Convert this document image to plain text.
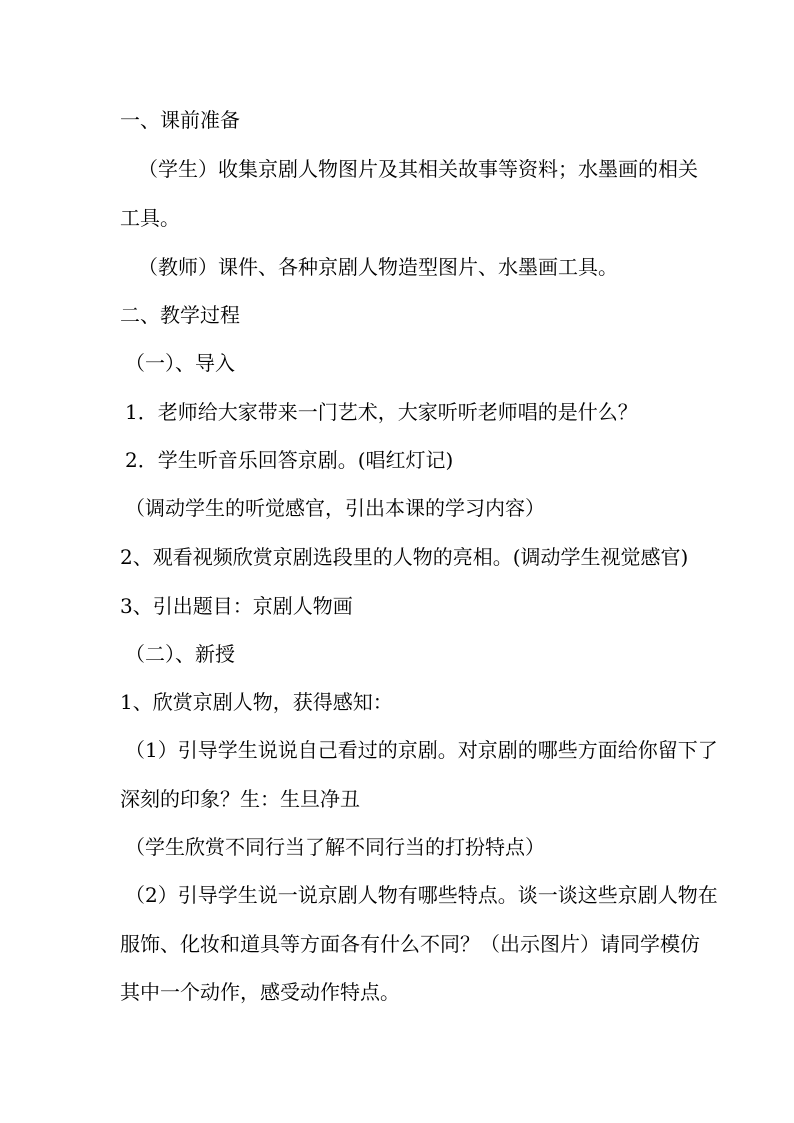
一、课前准备

（学生）收集京剧人物图片及其相关故事等资料；水墨画的相关

工具。

（教师）课件、各种京剧人物造型图片、水墨画工具。

二、教学过程

（一）、导入

1．老师给大家带来一门艺术，大家听听老师唱的是什么？

2．学生听音乐回答京剧。(唱红灯记)

（调动学生的听觉感官，引出本课的学习内容）

2、观看视频欣赏京剧选段里的人物的亮相。(调动学生视觉感官)

3、引出题目：京剧人物画

（二）、新授

1、欣赏京剧人物，获得感知：

（1）引导学生说说自己看过的京剧。对京剧的哪些方面给你留下了

深刻的印象？生：生旦净丑

（学生欣赏不同行当了解不同行当的打扮特点）

（2）引导学生说一说京剧人物有哪些特点。谈一谈这些京剧人物在

服饰、化妆和道具等方面各有什么不同？（出示图片）请同学模仿

其中一个动作，感受动作特点。
